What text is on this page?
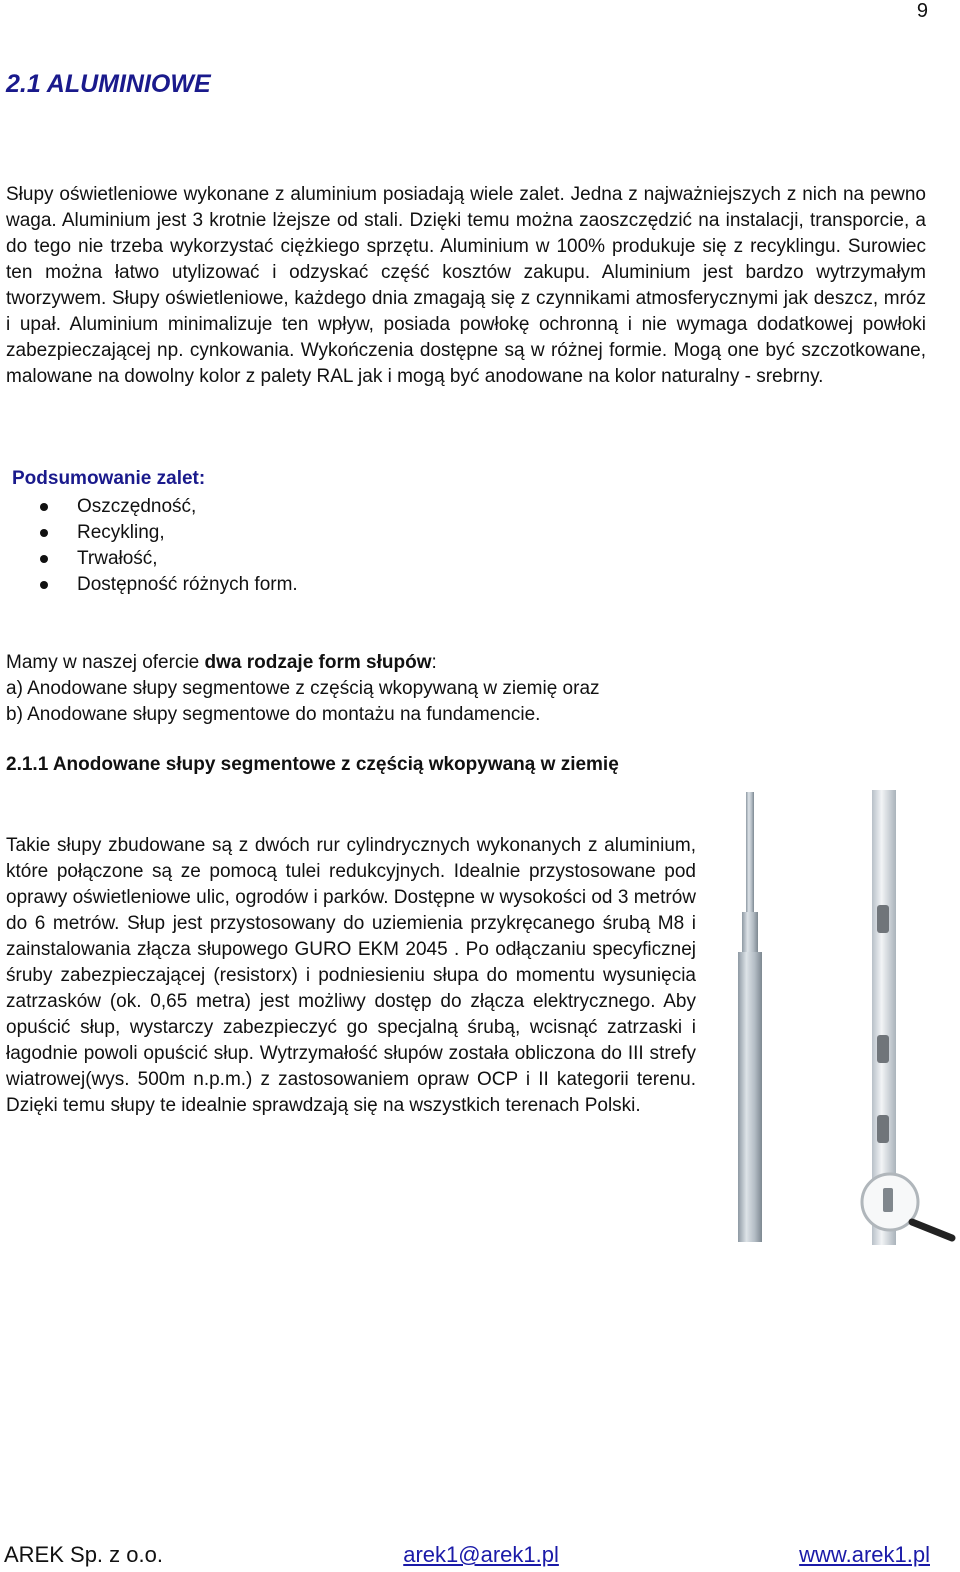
9
2.1 ALUMINIOWE

Słupy oświetleniowe wykonane z aluminium posiadają wiele zalet. Jedna z najważniejszych z nich na pewno waga. Aluminium jest 3 krotnie lżejsze od stali. Dzięki temu można zaoszczędzić na instalacji, transporcie, a do tego nie trzeba wykorzystać ciężkiego sprzętu. Aluminium w 100% produkuje się z recyklingu. Surowiec ten można łatwo utylizować i odzyskać część kosztów zakupu. Aluminium jest bardzo wytrzymałym tworzywem. Słupy oświetleniowe, każdego dnia zmagają się z czynnikami atmosferycznymi jak deszcz, mróz i upał. Aluminium minimalizuje ten wpływ, posiada powłokę ochronną i nie wymaga dodatkowej powłoki zabezpieczającej np. cynkowania. Wykończenia dostępne są w różnej formie. Mogą one być szczotkowane, malowane na dowolny kolor z palety RAL jak i mogą być anodowane na kolor naturalny - srebrny.

Podsumowanie zalet:

Oszczędność,
Recykling,
Trwałość,
Dostępność różnych form.

Mamy w naszej ofercie dwa rodzaje form słupów:

a) Anodowane słupy segmentowe z częścią wkopywaną w ziemię oraz
b) Anodowane słupy segmentowe do montażu na fundamencie.

2.1.1 Anodowane słupy segmentowe z częścią wkopywaną w ziemię

Takie słupy zbudowane są z dwóch rur cylindrycznych wykonanych z aluminium, które połączone są ze pomocą tulei redukcyjnych. Idealnie przystosowane pod oprawy oświetleniowe ulic, ogrodów i parków. Dostępne w wysokości od 3 metrów do 6 metrów. Słup jest przystosowany do uziemienia przykręcanego śrubą M8 i zainstalowania złącza słupowego GURO EKM 2045 . Po odłączaniu specyficznej śruby zabezpieczającej (resistorx) i podniesieniu słupa do momentu wysunięcia zatrzasków (ok. 0,65 metra) jest możliwy dostęp do złącza elektrycznego. Aby opuścić słup, wystarczy zabezpieczyć go specjalną śrubą, wcisnąć zatrzaski i łagodnie powoli opuścić słup. Wytrzymałość słupów została obliczona do III strefy wiatrowej(wys. 500m n.p.m.) z zastosowaniem opraw OCP i II kategorii terenu. Dzięki temu słupy te idealnie sprawdzają się na wszystkich terenach Polski.

AREK Sp. z o.o.	arek1@arek1.pl	www.arek1.pl
